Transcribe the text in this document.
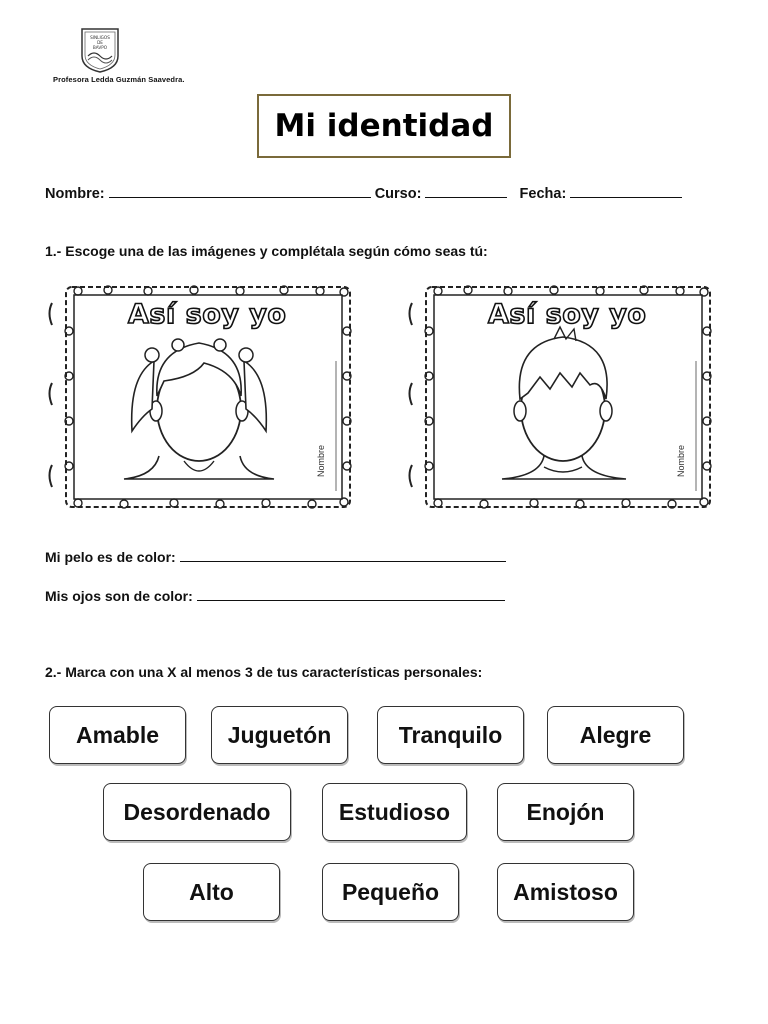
SINLIGOS
DE
BAVPO
Profesora Ledda Guzmán Saavedra.
Mi identidad
Nombre:	Curso:	Fecha:
1.- Escoge una de las imágenes y complétala según cómo seas tú:
Así soy yo
Nombre
Así soy yo
Nombre
Mi pelo es de color:
Mis ojos son de color:
2.- Marca con una X al menos 3 de tus características personales:
Amable	Juguetón	Tranquilo	Alegre
Desordenado	Estudioso	Enojón
Alto	Pequeño	Amistoso
